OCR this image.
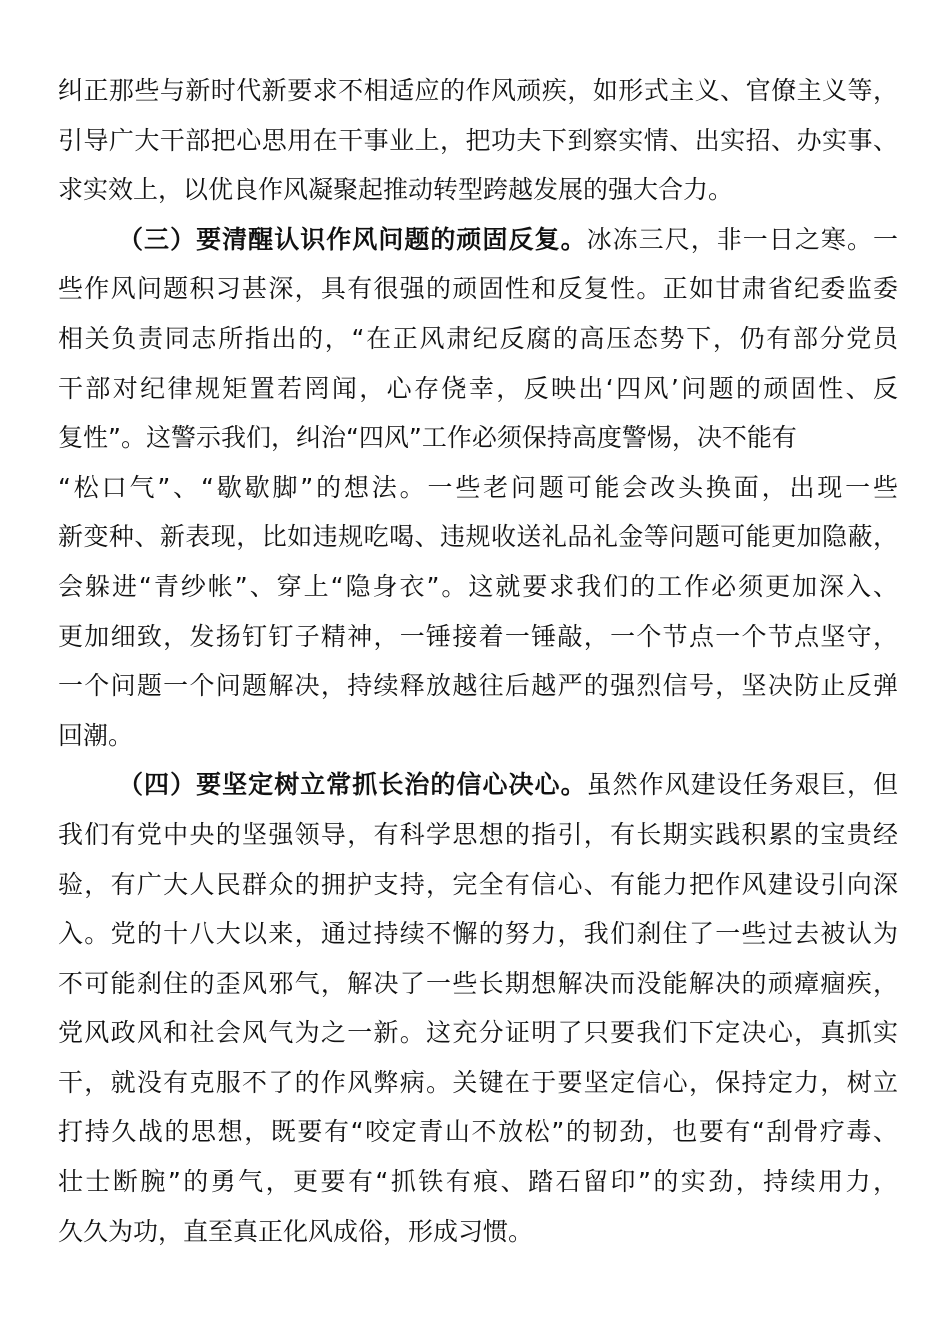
纠正那些与新时代新要求不相适应的作风顽疾，如形式主义、官僚主义等，
引导广大干部把心思用在干事业上，把功夫下到察实情、出实招、办实事、
求实效上，以优良作风凝聚起推动转型跨越发展的强大合力。
（三）要清醒认识作风问题的顽固反复。冰冻三尺，非一日之寒。一
些作风问题积习甚深，具有很强的顽固性和反复性。正如甘肃省纪委监委
相关负责同志所指出的，“在正风肃纪反腐的高压态势下，仍有部分党员
干部对纪律规矩置若罔闻，心存侥幸，反映出‘四风’问题的顽固性、反
复性”。这警示我们，纠治“四风”工作必须保持高度警惕，决不能有
“松口气”、“歇歇脚”的想法。一些老问题可能会改头换面，出现一些
新变种、新表现，比如违规吃喝、违规收送礼品礼金等问题可能更加隐蔽，
会躲进“青纱帐”、穿上“隐身衣”。这就要求我们的工作必须更加深入、
更加细致，发扬钉钉子精神，一锤接着一锤敲，一个节点一个节点坚守，
一个问题一个问题解决，持续释放越往后越严的强烈信号，坚决防止反弹
回潮。
（四）要坚定树立常抓长治的信心决心。虽然作风建设任务艰巨，但
我们有党中央的坚强领导，有科学思想的指引，有长期实践积累的宝贵经
验，有广大人民群众的拥护支持，完全有信心、有能力把作风建设引向深
入。党的十八大以来，通过持续不懈的努力，我们刹住了一些过去被认为
不可能刹住的歪风邪气，解决了一些长期想解决而没能解决的顽瘴痼疾，
党风政风和社会风气为之一新。这充分证明了只要我们下定决心，真抓实
干，就没有克服不了的作风弊病。关键在于要坚定信心，保持定力，树立
打持久战的思想，既要有“咬定青山不放松”的韧劲，也要有“刮骨疗毒、
壮士断腕”的勇气，更要有“抓铁有痕、踏石留印”的实劲，持续用力，
久久为功，直至真正化风成俗，形成习惯。
